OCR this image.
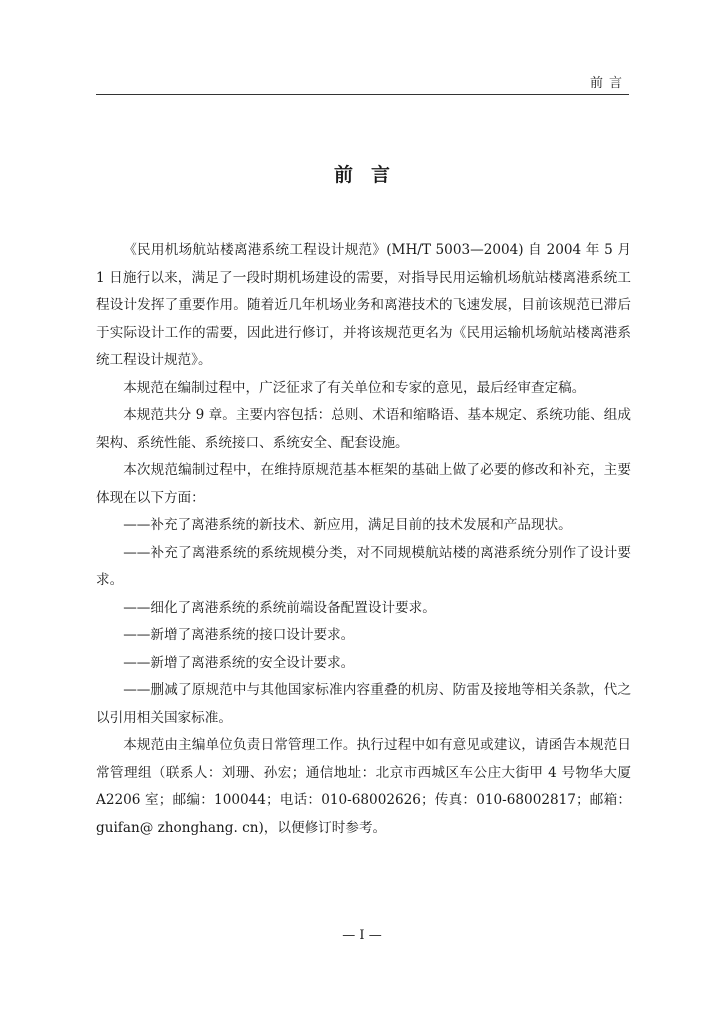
前言
前言

《民用机场航站楼离港系统工程设计规范》(MH/T 5003—2004) 自 2004 年 5 月 1 日施行以来，满足了一段时期机场建设的需要，对指导民用运输机场航站楼离港系统工程设计发挥了重要作用。随着近几年机场业务和离港技术的飞速发展，目前该规范已滞后于实际设计工作的需要，因此进行修订，并将该规范更名为《民用运输机场航站楼离港系统工程设计规范》。

本规范在编制过程中，广泛征求了有关单位和专家的意见，最后经审查定稿。

本规范共分 9 章。主要内容包括：总则、术语和缩略语、基本规定、系统功能、组成架构、系统性能、系统接口、系统安全、配套设施。

本次规范编制过程中，在维持原规范基本框架的基础上做了必要的修改和补充，主要体现在以下方面：

——补充了离港系统的新技术、新应用，满足目前的技术发展和产品现状。

——补充了离港系统的系统规模分类，对不同规模航站楼的离港系统分别作了设计要求。

——细化了离港系统的系统前端设备配置设计要求。

——新增了离港系统的接口设计要求。

——新增了离港系统的安全设计要求。

——删减了原规范中与其他国家标准内容重叠的机房、防雷及接地等相关条款，代之以引用相关国家标准。

本规范由主编单位负责日常管理工作。执行过程中如有意见或建议，请函告本规范日常管理组（联系人：刘珊、孙宏；通信地址：北京市西城区车公庄大街甲 4 号物华大厦 A2206 室；邮编：100044；电话：010-68002626；传真：010-68002817；邮箱：guifan@ zhonghang. cn)，以便修订时参考。

— I —
